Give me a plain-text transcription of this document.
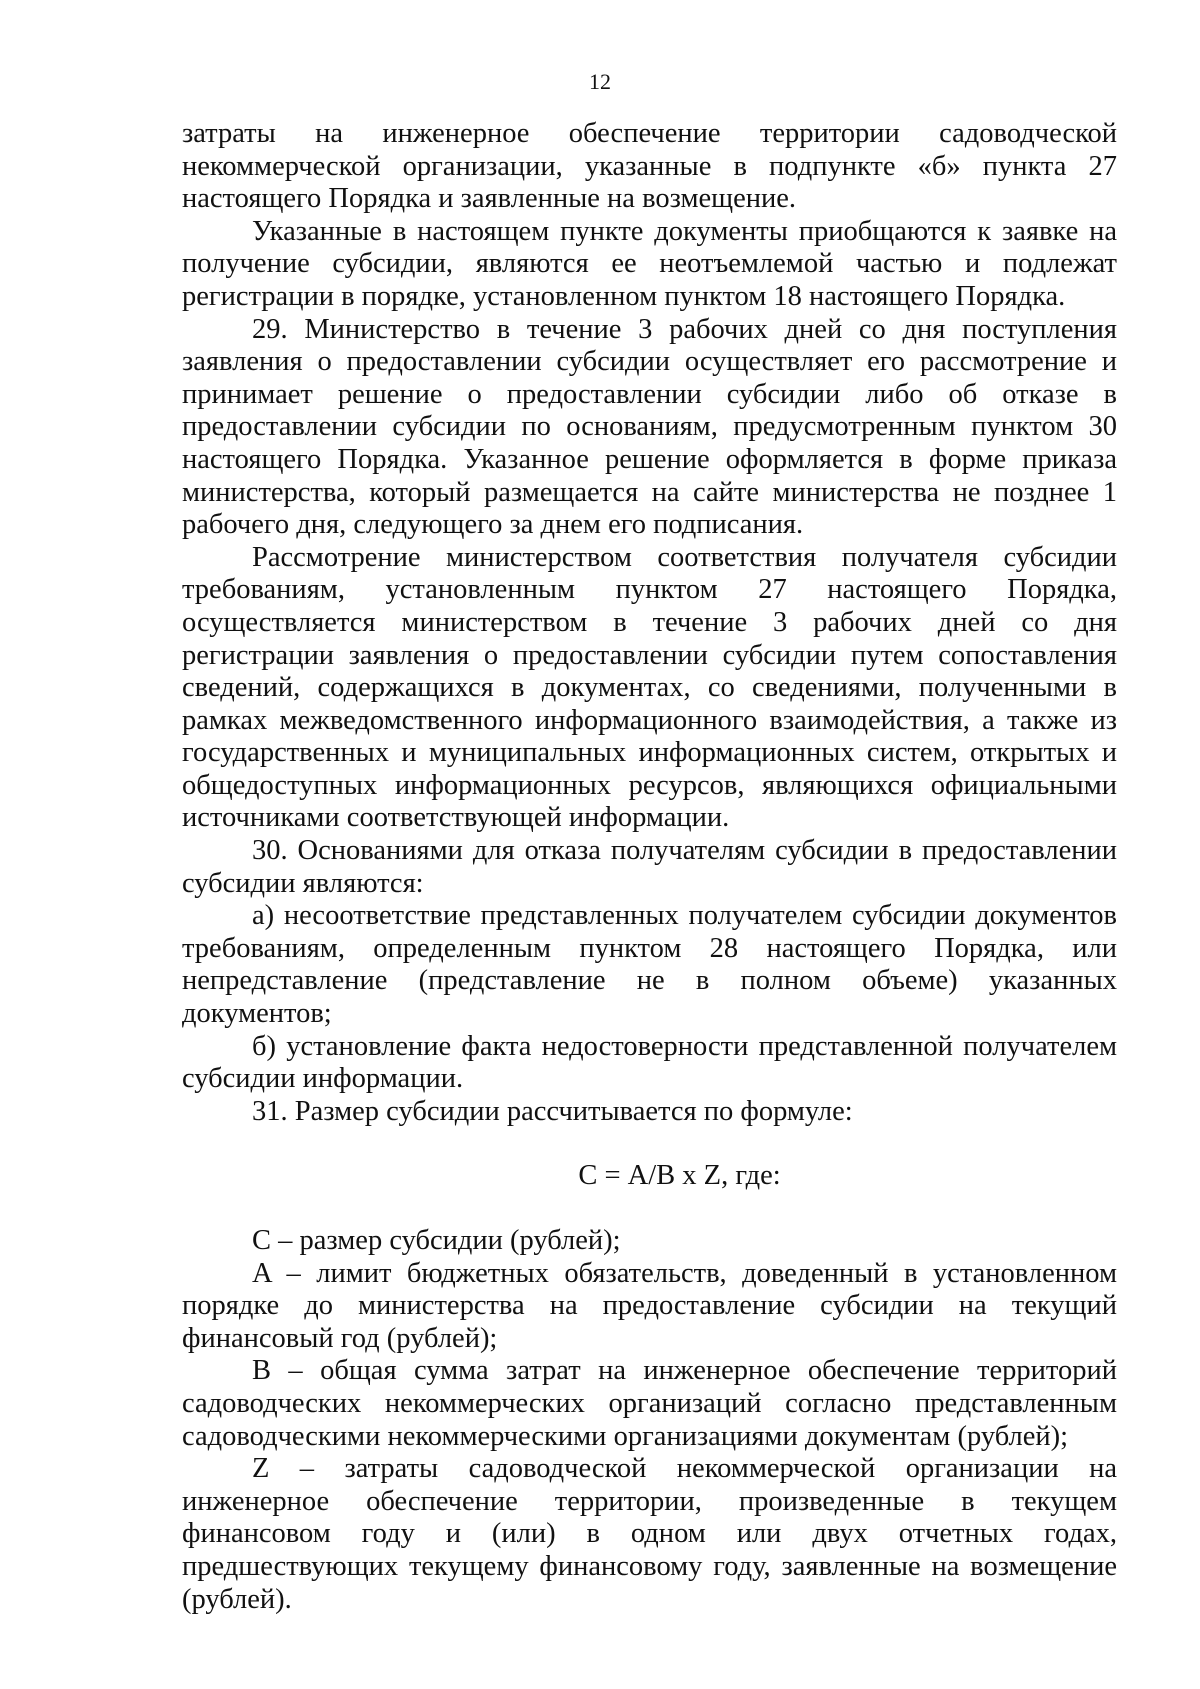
12

затраты на инженерное обеспечение территории садоводческой некоммерческой организации, указанные в подпункте «б» пункта 27 настоящего Порядка и заявленные на возмещение.

Указанные в настоящем пункте документы приобщаются к заявке на получение субсидии, являются ее неотъемлемой частью и подлежат регистрации в порядке, установленном пунктом 18 настоящего Порядка.

29. Министерство в течение 3 рабочих дней со дня поступления заявления о предоставлении субсидии осуществляет его рассмотрение и принимает решение о предоставлении субсидии либо об отказе в предоставлении субсидии по основаниям, предусмотренным пунктом 30 настоящего Порядка. Указанное решение оформляется в форме приказа министерства, который размещается на сайте министерства не позднее 1 рабочего дня, следующего за днем его подписания.

Рассмотрение министерством соответствия получателя субсидии требованиям, установленным пунктом 27 настоящего Порядка, осуществляется министерством в течение 3 рабочих дней со дня регистрации заявления о предоставлении субсидии путем сопоставления сведений, содержащихся в документах, со сведениями, полученными в рамках межведомственного информационного взаимодействия, а также из государственных и муниципальных информационных систем, открытых и общедоступных информационных ресурсов, являющихся официальными источниками соответствующей информации.

30. Основаниями для отказа получателям субсидии в предоставлении субсидии являются:

а) несоответствие представленных получателем субсидии документов требованиям, определенным пунктом 28 настоящего Порядка, или непредставление (представление не в полном объеме) указанных документов;

б) установление факта недостоверности представленной получателем субсидии информации.

31. Размер субсидии рассчитывается по формуле:

С = A/B x Z, где:

С – размер субсидии (рублей);

A – лимит бюджетных обязательств, доведенный в установленном порядке до министерства на предоставление субсидии на текущий финансовый год (рублей);

B – общая сумма затрат на инженерное обеспечение территорий садоводческих некоммерческих организаций согласно представленным садоводческими некоммерческими организациями документам (рублей);

Z – затраты садоводческой некоммерческой организации на инженерное обеспечение территории, произведенные в текущем финансовом году и (или) в одном или двух отчетных годах, предшествующих текущему финансовому году, заявленные на возмещение (рублей).
